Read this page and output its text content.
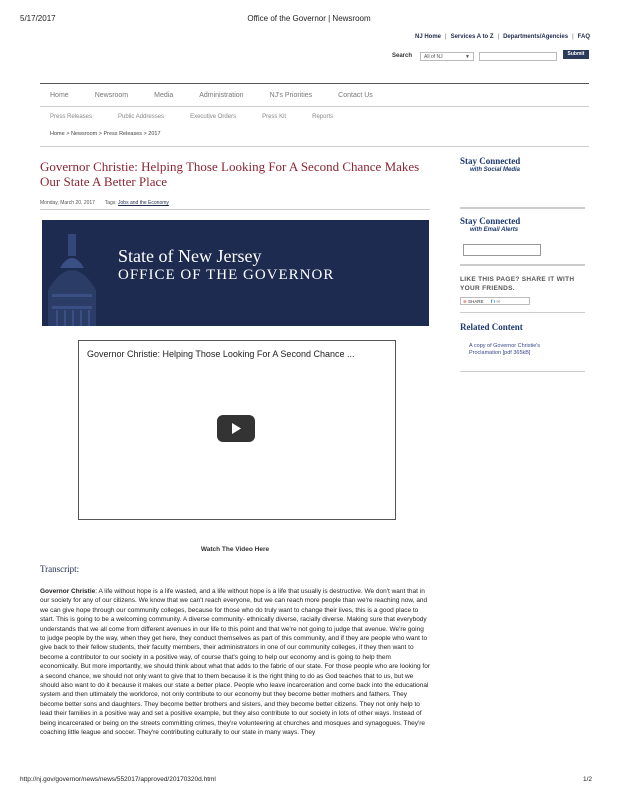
5/17/2017	Office of the Governor | Newsroom
NJ Home | Services A to Z | Departments/Agencies | FAQ
Search	All of NJ	▼	Submit
Home	Newsroom	Media	Administration	NJ's Priorities	Contact Us
Press Releases	Public Addresses	Executive Orders	Press Kit	Reports
Home > Newsroom > Press Releases > 2017
Governor Christie: Helping Those Looking For A Second Chance Makes Our State A Better Place
Monday, March 20, 2017 Tags: Jobs and the Economy
State of New Jersey
OFFICE OF THE GOVERNOR
Governor Christie: Helping Those Looking For A Second Chance ...
Watch The Video Here
Transcript:
Governor Christie: A life without hope is a life wasted, and a life without hope is a life that usually is destructive. We don't want that in our society for any of our citizens. We know that we can't reach everyone, but we can reach more people than we're reaching now, and we can give hope through our community colleges, because for those who do truly want to change their lives, this is a good place to start. This is going to be a welcoming community. A diverse community- ethnically diverse, racially diverse. Making sure that everybody understands that we all come from different avenues in our life to this point and that we're not going to judge that avenue. We're going to judge people by the way, when they get here, they conduct themselves as part of this community, and if they are people who want to give back to their fellow students, their faculty members, their administrators in one of our community colleges, if they then want to become a contributor to our society in a positive way, of course that's going to help our economy and is going to help them economically. But more importantly, we should think about what that adds to the fabric of our state. For those people who are looking for a second chance, we should not only want to give that to them because it is the right thing to do as God teaches that to us, but we should also want to do it because it makes our state a better place. People who leave incarceration and come back into the educational system and then ultimately the workforce, not only contribute to our economy but they become better mothers and fathers. They become better sons and daughters. They become better brothers and sisters, and they become better citizens. They not only help to lead their families in a positive way and set a positive example, but they also contribute to our society in lots of other ways. Instead of being incarcerated or being on the streets committing crimes, they're volunteering at churches and mosques and synagogues. They're coaching little league and soccer. They're contributing culturally to our state in many ways. They
Stay Connected
with Social Media
Stay Connected
with Email Alerts
LIKE THIS PAGE? SHARE IT WITH YOUR FRIENDS.
⊕ SHARE f t ✉
Related Content
A copy of Governor Christie's Proclamation [pdf 365kB]
http://nj.gov/governor/news/news/552017/approved/20170320d.html	1/2
